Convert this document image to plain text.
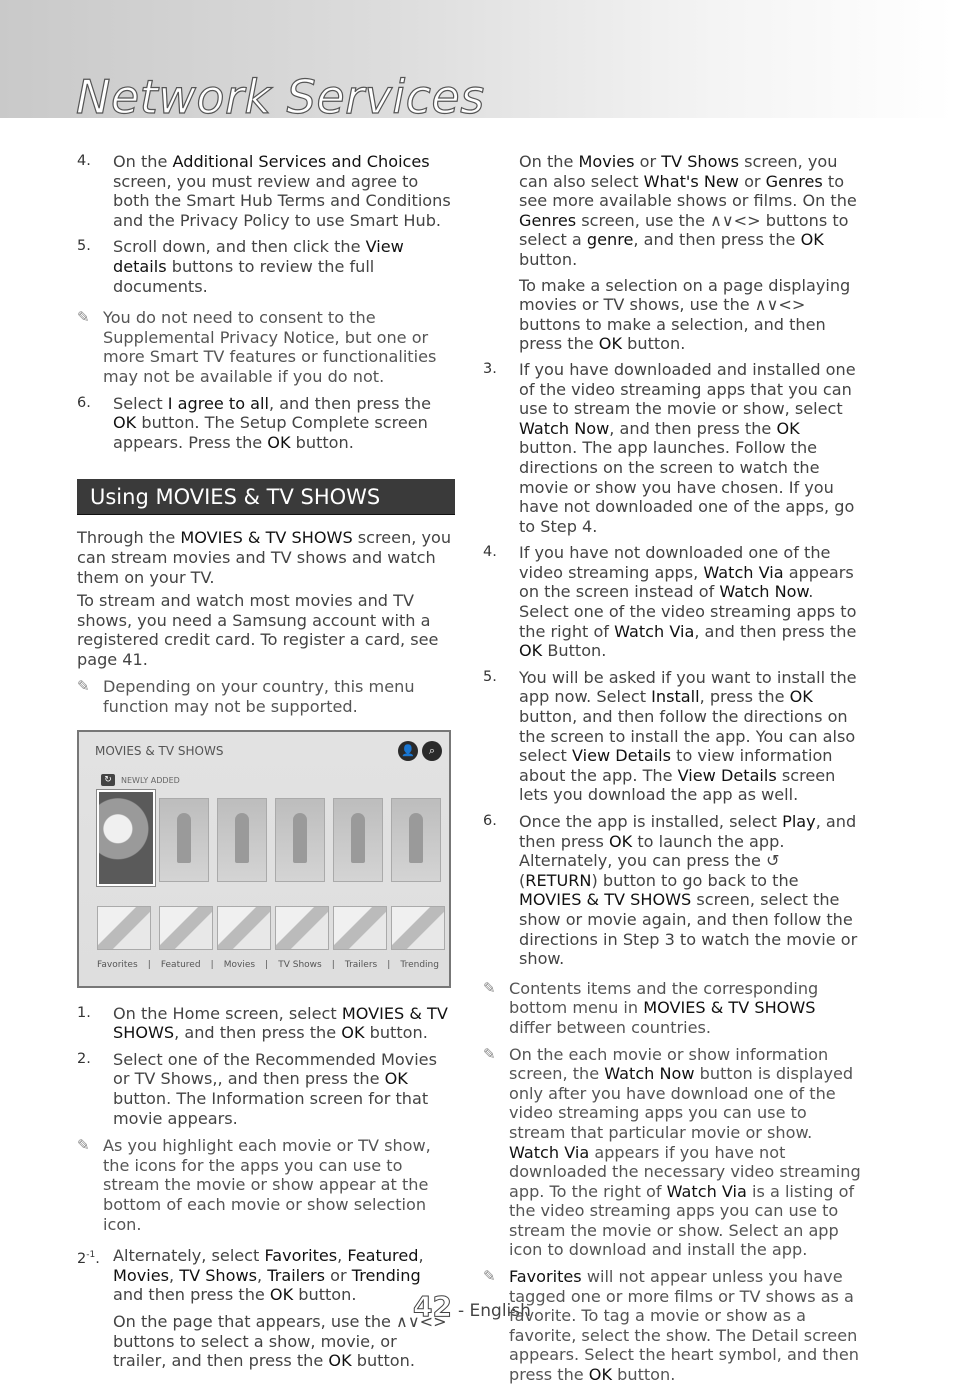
Network Services
4. On the Additional Services and Choices screen, you must review and agree to both the Smart Hub Terms and Conditions and the Privacy Policy to use Smart Hub.
5. Scroll down, and then click the View details buttons to review the full documents.
✎ You do not need to consent to the Supplemental Privacy Notice, but one or more Smart TV features or functionalities may not be available if you do not.
6. Select I agree to all, and then press the OK button. The Setup Complete screen appears. Press the OK button.
Using MOVIES & TV SHOWS
Through the MOVIES & TV SHOWS screen, you can stream movies and TV shows and watch them on your TV.
To stream and watch most movies and TV shows, you need a Samsung account with a registered credit card. To register a card, see page 41.
✎ Depending on your country, this menu function may not be supported.
MOVIES & TV SHOWS	👤	⌕
↻	NEWLY ADDED
Favorites | Featured | Movies | TV Shows | Trailers | Trending
1. On the Home screen, select MOVIES & TV SHOWS, and then press the OK button.
2. Select one of the Recommended Movies or TV Shows,, and then press the OK button. The Information screen for that movie appears.
✎ As you highlight each movie or TV show, the icons for the apps you can use to stream the movie or show appear at the bottom of each movie or show selection icon.
$2^{-1}$. Alternately, select Favorites, Featured, Movies, TV Shows, Trailers or Trending and then press the OK button.
On the page that appears, use the ∧∨<> buttons to select a show, movie, or trailer, and then press the OK button.
On the Movies or TV Shows screen, you can also select What's New or Genres to see more available shows or films. On the Genres screen, use the ∧∨<> buttons to select a genre, and then press the OK button.
To make a selection on a page displaying movies or TV shows, use the ∧∨<> buttons to make a selection, and then press the OK button.
3. If you have downloaded and installed one of the video streaming apps that you can use to stream the movie or show, select Watch Now, and then press the OK button. The app launches. Follow the directions on the screen to watch the movie or show you have chosen. If you have not downloaded one of the apps, go to Step 4.
4. If you have not downloaded one of the video streaming apps, Watch Via appears on the screen instead of Watch Now. Select one of the video streaming apps to the right of Watch Via, and then press the OK Button.
5. You will be asked if you want to install the app now. Select Install, press the OK button, and then follow the directions on the screen to install the app. You can also select View Details to view information about the app. The View Details screen lets you download the app as well.
6. Once the app is installed, select Play, and then press OK to launch the app. Alternately, you can press the ↺ (RETURN) button to go back to the MOVIES & TV SHOWS screen, select the show or movie again, and then follow the directions in Step 3 to watch the movie or show.
✎ Contents items and the corresponding bottom menu in MOVIES & TV SHOWS differ between countries.
✎ On the each movie or show information screen, the Watch Now button is displayed only after you have download one of the video streaming apps you can use to stream that particular movie or show. Watch Via appears if you have not downloaded the necessary video streaming app. To the right of Watch Via is a listing of the video streaming apps you can use to stream the movie or show. Select an app icon to download and install the app.
✎ Favorites will not appear unless you have tagged one or more films or TV shows as a favorite. To tag a movie or show as a favorite, select the show. The Detail screen appears. Select the heart symbol, and then press the OK button.
42 - English
